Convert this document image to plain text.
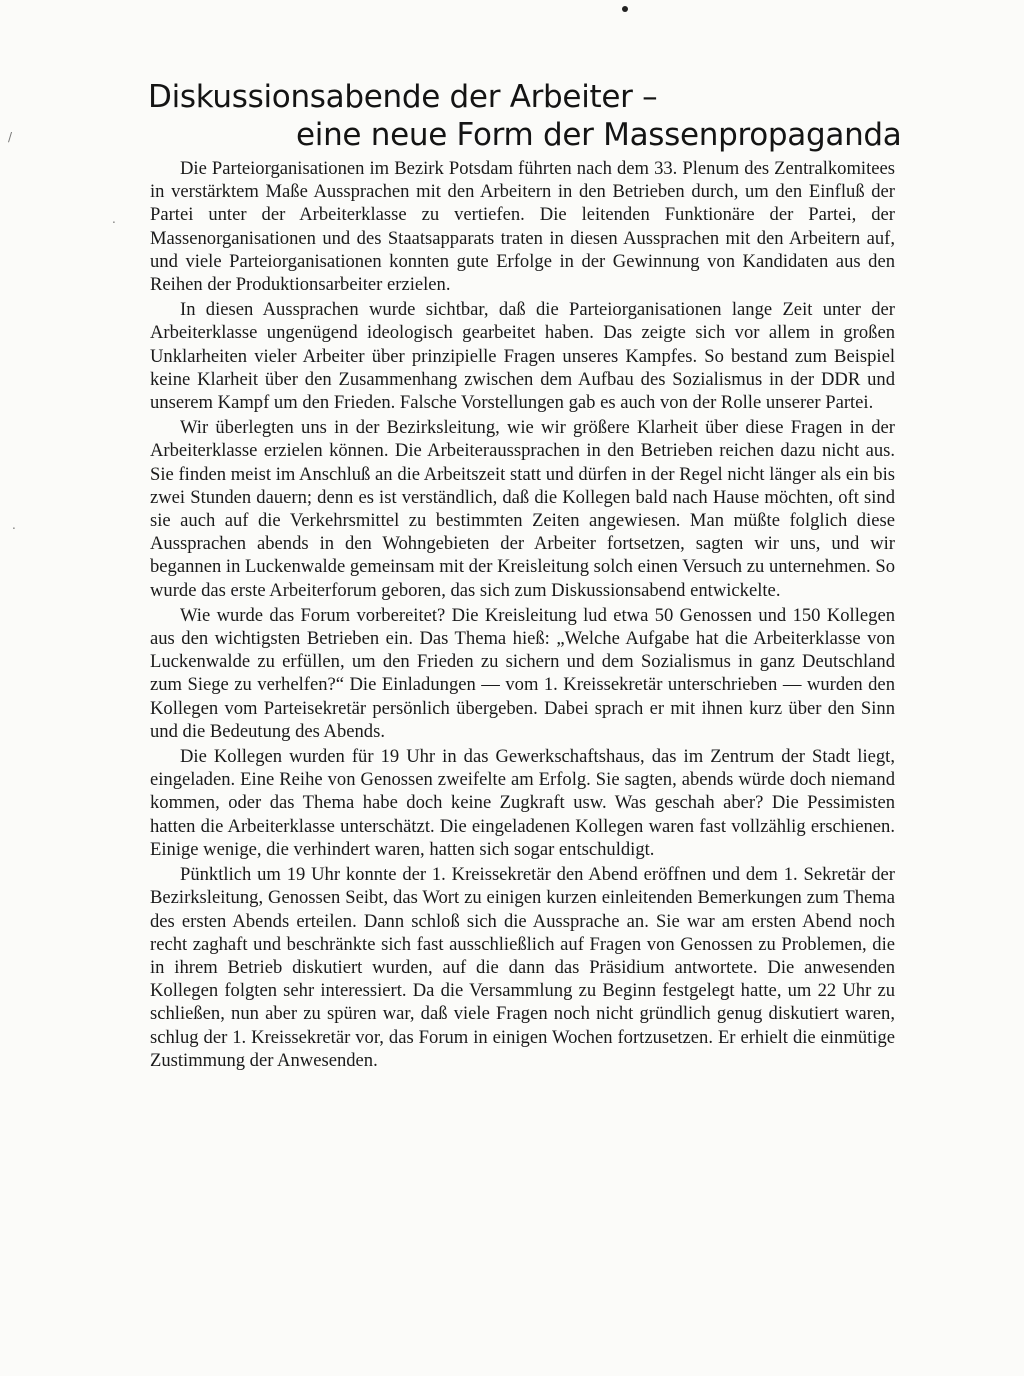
/
.
.
Diskussionsabende der Arbeiter –
eine neue Form der Massenpropaganda

Die Parteiorganisationen im Bezirk Potsdam führten nach dem 33. Plenum des Zentralkomitees in verstärktem Maße Aussprachen mit den Arbeitern in den Betrieben durch, um den Einfluß der Partei unter der Arbeiterklasse zu vertiefen. Die leitenden Funktionäre der Partei, der Massenorganisationen und des Staatsapparats traten in diesen Aussprachen mit den Arbeitern auf, und viele Parteiorganisationen konnten gute Erfolge in der Gewinnung von Kandidaten aus den Reihen der Produktionsarbeiter erzielen.

In diesen Aussprachen wurde sichtbar, daß die Parteiorganisationen lange Zeit unter der Arbeiterklasse ungenügend ideologisch gearbeitet haben. Das zeigte sich vor allem in großen Unklarheiten vieler Arbeiter über prinzipielle Fragen unseres Kampfes. So bestand zum Beispiel keine Klarheit über den Zusammenhang zwischen dem Aufbau des Sozialismus in der DDR und unserem Kampf um den Frieden. Falsche Vorstellungen gab es auch von der Rolle unserer Partei.

Wir überlegten uns in der Bezirksleitung, wie wir größere Klarheit über diese Fragen in der Arbeiterklasse erzielen können. Die Arbeiteraussprachen in den Betrieben reichen dazu nicht aus. Sie finden meist im Anschluß an die Arbeitszeit statt und dürfen in der Regel nicht länger als ein bis zwei Stunden dauern; denn es ist verständlich, daß die Kollegen bald nach Hause möchten, oft sind sie auch auf die Verkehrsmittel zu bestimmten Zeiten angewiesen. Man müßte folglich diese Aussprachen abends in den Wohngebieten der Arbeiter fortsetzen, sagten wir uns, und wir begannen in Luckenwalde gemeinsam mit der Kreisleitung solch einen Versuch zu unternehmen. So wurde das erste Arbeiterforum geboren, das sich zum Diskussionsabend entwickelte.

Wie wurde das Forum vorbereitet? Die Kreisleitung lud etwa 50 Genossen und 150 Kollegen aus den wichtigsten Betrieben ein. Das Thema hieß: „Welche Aufgabe hat die Arbeiterklasse von Luckenwalde zu erfüllen, um den Frieden zu sichern und dem Sozialismus in ganz Deutschland zum Siege zu verhelfen?“ Die Einladungen — vom 1. Kreissekretär unterschrieben — wurden den Kollegen vom Parteisekretär persönlich übergeben. Dabei sprach er mit ihnen kurz über den Sinn und die Bedeutung des Abends.

Die Kollegen wurden für 19 Uhr in das Gewerkschaftshaus, das im Zentrum der Stadt liegt, eingeladen. Eine Reihe von Genossen zweifelte am Erfolg. Sie sagten, abends würde doch niemand kommen, oder das Thema habe doch keine Zugkraft usw. Was geschah aber? Die Pessimisten hatten die Arbeiterklasse unterschätzt. Die eingeladenen Kollegen waren fast vollzählig erschienen. Einige wenige, die verhindert waren, hatten sich sogar entschuldigt.

Pünktlich um 19 Uhr konnte der 1. Kreissekretär den Abend eröffnen und dem 1. Sekretär der Bezirksleitung, Genossen Seibt, das Wort zu einigen kurzen einleitenden Bemerkungen zum Thema des ersten Abends erteilen. Dann schloß sich die Aussprache an. Sie war am ersten Abend noch recht zaghaft und beschränkte sich fast ausschließlich auf Fragen von Genossen zu Problemen, die in ihrem Betrieb diskutiert wurden, auf die dann das Präsidium antwortete. Die anwesenden Kollegen folgten sehr interessiert. Da die Versammlung zu Beginn festgelegt hatte, um 22 Uhr zu schließen, nun aber zu spüren war, daß viele Fragen noch nicht gründlich genug diskutiert waren, schlug der 1. Kreissekretär vor, das Forum in einigen Wochen fortzusetzen. Er erhielt die einmütige Zustimmung der Anwesenden.
